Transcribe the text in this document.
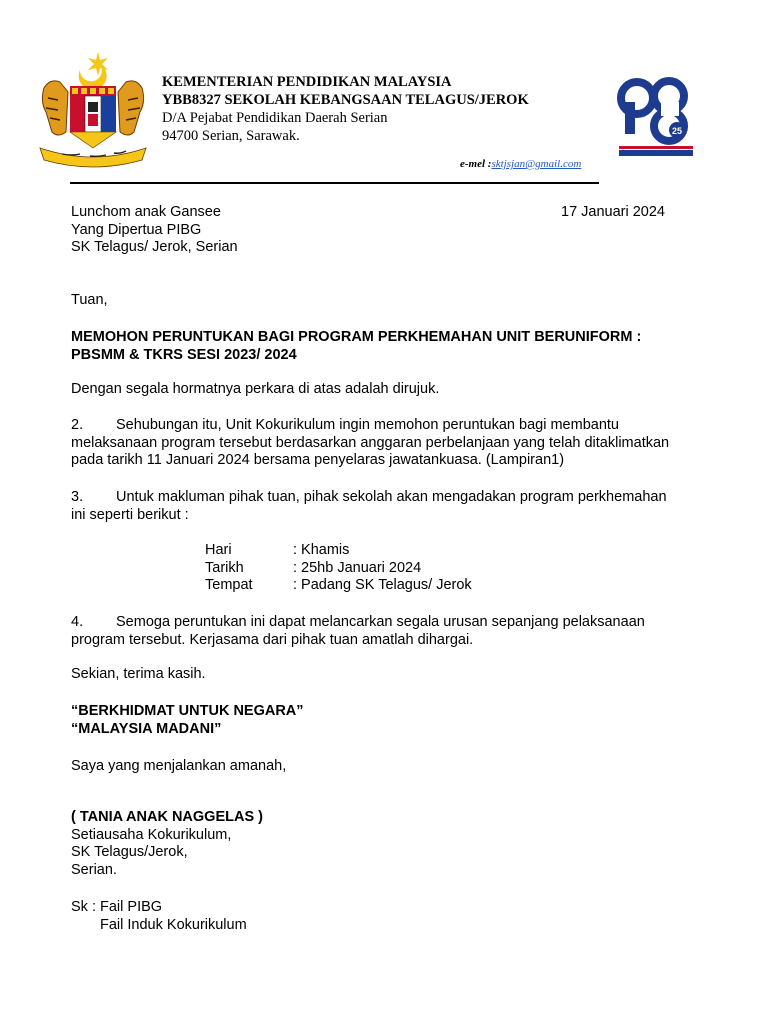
KEMENTERIAN PENDIDIKAN MALAYSIA
YBB8327 SEKOLAH KEBANGSAAN TELAGUS/JEROK
D/A Pejabat Pendidikan Daerah Serian
94700 Serian, Sarawak.	25
e-mel :sktjsjan@gmail.com
Lunchom anak Gansee
Yang Dipertua PIBG
SK Telagus/ Jerok, Serian
17 Januari 2024
Tuan,
MEMOHON PERUNTUKAN BAGI PROGRAM PERKHEMAHAN UNIT BERUNIFORM : PBSMM & TKRS SESI 2023/ 2024
Dengan segala hormatnya perkara di atas adalah dirujuk.
2. Sehubungan itu, Unit Kokurikulum ingin memohon peruntukan bagi membantu
melaksanaan program tersebut berdasarkan anggaran perbelanjaan yang telah ditaklimatkan pada tarikh 11 Januari 2024 bersama penyelaras jawatankuasa. (Lampiran1)
3. Untuk makluman pihak tuan, pihak sekolah akan mengadakan program perkhemahan
ini seperti berikut :
Hari	: Khamis
Tarikh	: 25hb Januari 2024
Tempat	: Padang SK Telagus/ Jerok
4. Semoga peruntukan ini dapat melancarkan segala urusan sepanjang pelaksanaan
program tersebut. Kerjasama dari pihak tuan amatlah dihargai.
Sekian, terima kasih.
“BERKHIDMAT UNTUK NEGARA”
“MALAYSIA MADANI”
Saya yang menjalankan amanah,
( TANIA ANAK NAGGELAS )
Setiausaha Kokurikulum,
SK Telagus/Jerok,
Serian.
Sk : Fail PIBG
Fail Induk Kokurikulum
